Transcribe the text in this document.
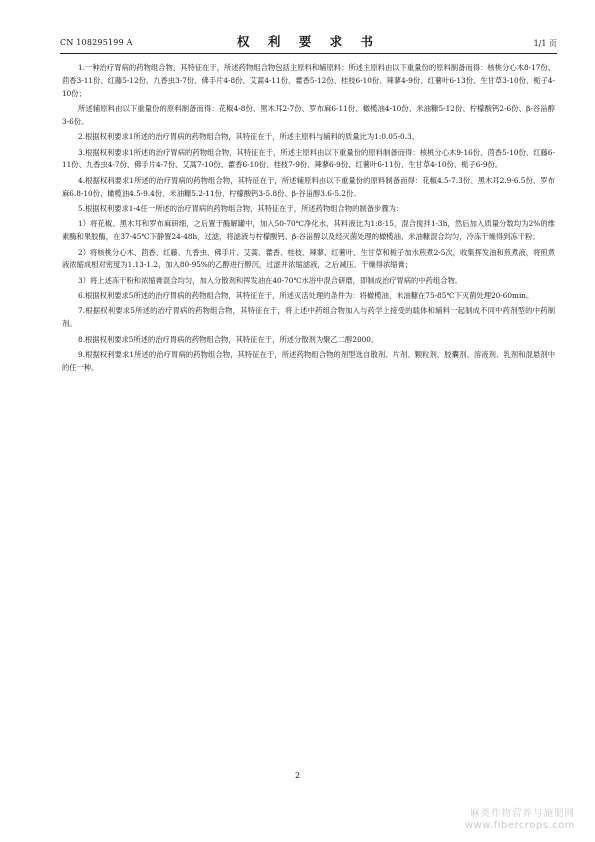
CN 108295199 A	权 利 要 求 书	1/1 页

1.一种治疗胃病的药物组合物，其特征在于，所述药物组合物包括主原料和辅原料；所述主原料由以下重量份的原料制备而得：核桃分心木8-17份、茴香3-11份、红藤5-12份、九香虫3-7份、佛手片4-8份、艾蒿4-11份、藿香5-12份、桂枝6-10份、辣蓼4-9份、红薯叶6-13份、生甘草3-10份、栀子4-10份；

所述辅原料由以下重量份的原料制备而得：花椒4-8份、黑木耳2-7份、罗布麻6-11份、橄榄油4-10份、米油糠5-12份、柠檬酸钙2-6份、β-谷甾醇3-6份。

2.根据权利要求1所述的治疗胃病的药物组合物，其特征在于，所述主原料与辅料的质量比为1:0.05-0.3。

3.根据权利要求1所述的治疗胃病的药物组合物，其特征在于，所述主原料由以下重量份的原料制备而得：核桃分心木9-16份、茴香5-10份、红藤6-11份、九香虫4-7份、佛手片4-7份、艾蒿7-10份、藿香6-10份、桂枝7-9份、辣蓼6-9份、红薯叶6-11份、生甘草4-10份、栀子6-9份。

4.根据权利要求1所述的治疗胃病的药物组合物，其特征在于，所述辅原料由以下重量份的原料制备而得：花椒4.5-7.3份、黑木耳2.9-6.5份、罗布麻6.8-10份、橄榄油4.5-9.4份、米油糠5.2-11份、柠檬酸钙3-5.8份、β-谷甾醇3.6-5.2份。

5.根据权利要求1-4任一所述的治疗胃病的药物组合物，其特征在于，所述药物组合物的制备步骤为：

1）将花椒、黑木耳和罗布麻研细，之后置于酶解罐中，加入50-70℃净化水，其料液比为1:8-15，混合搅拌1-3h，然后加入质量分数均为2%的维素酶和果胶酶，在37-45℃下静置24-48h，过滤，将滤液与柠檬酸钙、β-谷甾醇以及经灭菌处理的橄榄油、米油糠混合均匀，冷冻干燥得到冻干粉；

2）将核桃分心木、茴香、红藤、九香虫、佛手片、艾蒿、藿香、桂枝、辣蓼、红薯叶、生甘草和栀子加水煎煮2-5次，收集挥发油和煎煮液，将煎煮液浓缩成相对密度为1.13-1.2，加入80-95%的乙醇进行醇沉，过滤并浓缩滤液，之后减压、干燥得浓缩膏；

3）将上述冻干粉和浓缩膏混合均匀，加入分散剂和挥发油在40-70℃水浴中混合研磨，即制成治疗胃病的中药组合物。

6.根据权利要求5所述的治疗胃病的药物组合物，其特征在于，所述灭活处理的条件为：将橄榄油、米油糠在75-85℃下灭菌处理20-60min。

7.根据权利要求5所述的治疗胃病的药物组合物，其特征在于，将上述中药组合物加入与药学上接受的载体和辅料一起制成不同中药剂型的中药制剂。

8.根据权利要求5所述的治疗胃病的药物组合物，其特征在于，所述分散剂为聚乙二醇2000。

9.根据权利要求1所述的治疗胃病的药物组合物，其特征在于，所述药物组合物的剂型选自散剂、片剂、颗粒剂、胶囊剂、溶液剂、乳剂和混悬剂中的任一种。

2
麻类作物营养与施肥网
www.fibercrops.com
